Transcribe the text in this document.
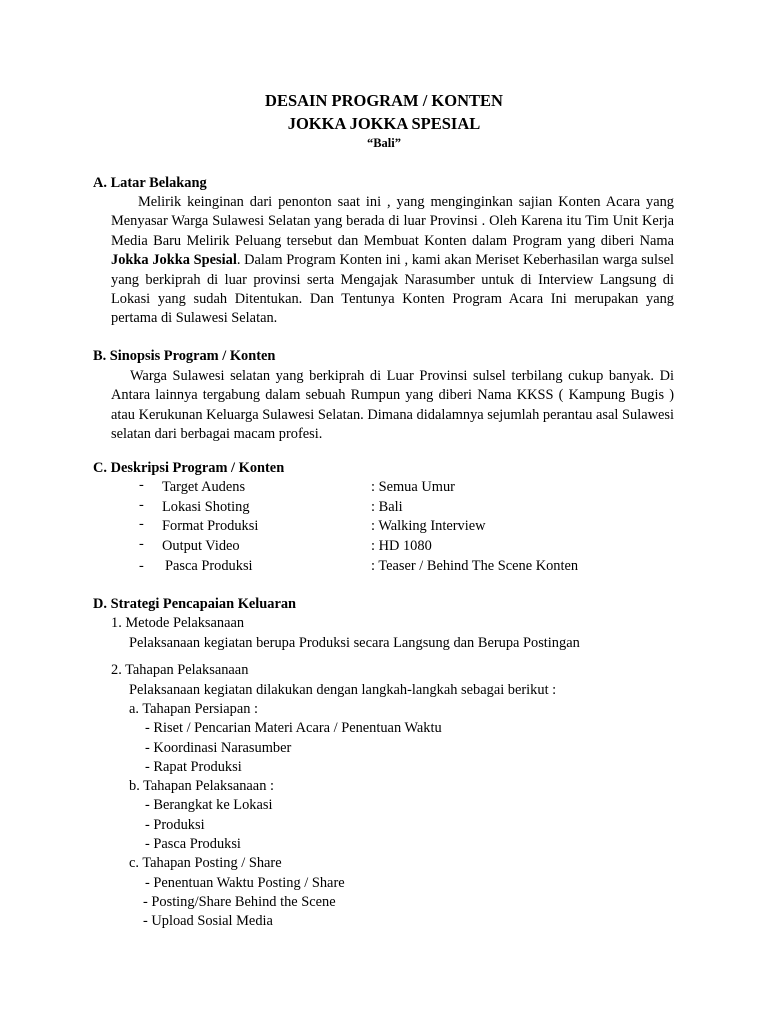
DESAIN PROGRAM / KONTEN
JOKKA JOKKA SPESIAL
“Bali”
A. Latar Belakang

Melirik keinginan dari penonton saat ini , yang menginginkan sajian Konten Acara yang Menyasar Warga Sulawesi Selatan yang berada di luar Provinsi . Oleh Karena itu Tim Unit Kerja Media Baru Melirik Peluang tersebut dan Membuat Konten dalam Program yang diberi Nama Jokka Jokka Spesial. Dalam Program Konten ini , kami akan Meriset Keberhasilan warga sulsel yang berkiprah di luar provinsi serta Mengajak Narasumber untuk di Interview Langsung di Lokasi yang sudah Ditentukan. Dan Tentunya Konten Program Acara Ini merupakan yang pertama di Sulawesi Selatan.

B. Sinopsis Program / Konten

Warga Sulawesi selatan yang berkiprah di Luar Provinsi sulsel terbilang cukup banyak. Di Antara lainnya tergabung dalam sebuah Rumpun yang diberi Nama KKSS ( Kampung Bugis ) atau Kerukunan Keluarga Sulawesi Selatan. Dimana didalamnya sejumlah perantau asal Sulawesi selatan dari berbagai macam profesi.

C. Deskripsi Program / Konten
- Target Audens	: Semua Umur
- Lokasi Shoting	: Bali
- Format Produksi	: Walking Interview
- Output Video	: HD 1080
- Pasca Produksi	: Teaser / Behind The Scene Konten
D. Strategi Pencapaian Keluaran
1. Metode Pelaksanaan
Pelaksanaan kegiatan berupa Produksi secara Langsung dan Berupa Postingan
2. Tahapan Pelaksanaan
Pelaksanaan kegiatan dilakukan dengan langkah-langkah sebagai berikut :
a. Tahapan Persiapan :
- Riset / Pencarian Materi Acara / Penentuan Waktu
- Koordinasi Narasumber
- Rapat Produksi
b. Tahapan Pelaksanaan :
- Berangkat ke Lokasi
- Produksi
- Pasca Produksi
c. Tahapan Posting / Share
- Penentuan Waktu Posting / Share
- Posting/Share Behind the Scene
- Upload Sosial Media
